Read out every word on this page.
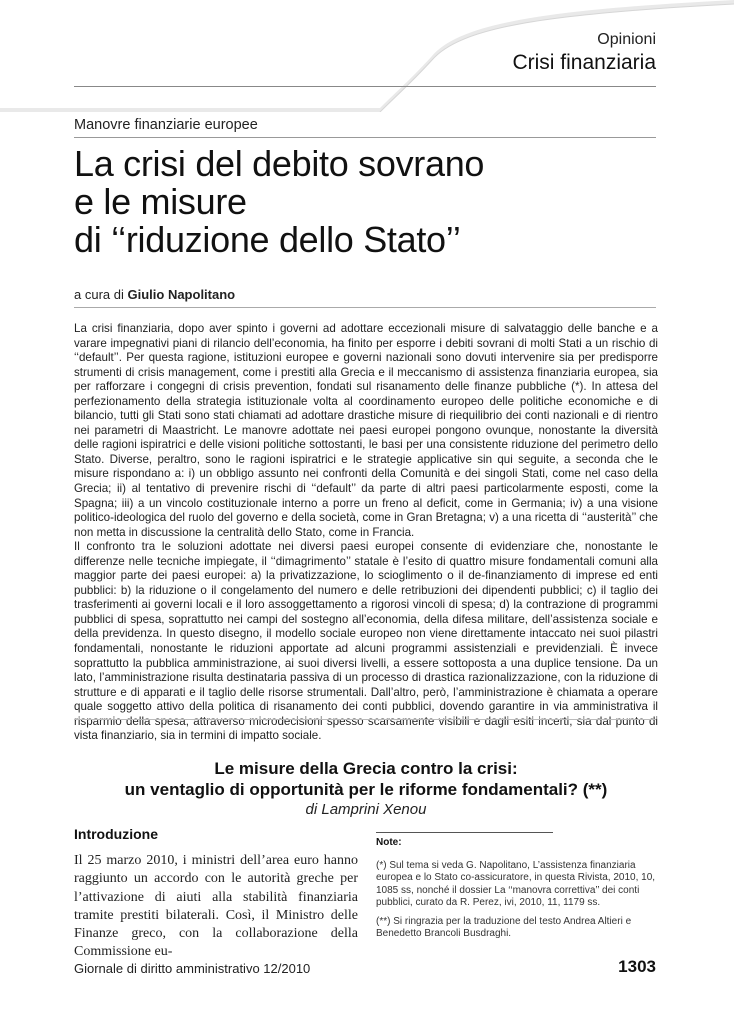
Opinioni
Crisi finanziaria
Manovre finanziarie europee
La crisi del debito sovrano
e le misure
di ‘‘riduzione dello Stato’’
a cura di Giulio Napolitano

La crisi finanziaria, dopo aver spinto i governi ad adottare eccezionali misure di salvataggio delle banche e a varare impegnativi piani di rilancio dell’economia, ha finito per esporre i debiti sovrani di molti Stati a un rischio di ‘‘default’’. Per questa ragione, istituzioni europee e governi nazionali sono dovuti intervenire sia per predisporre strumenti di crisis management, come i prestiti alla Grecia e il meccanismo di assistenza finanziaria europea, sia per rafforzare i congegni di crisis prevention, fondati sul risanamento delle finanze pubbliche (*). In attesa del perfezionamento della strategia istituzionale volta al coordinamento europeo delle politiche economiche e di bilancio, tutti gli Stati sono stati chiamati ad adottare drastiche misure di riequilibrio dei conti nazionali e di rientro nei parametri di Maastricht. Le manovre adottate nei paesi europei pongono ovunque, nonostante la diversità delle ragioni ispiratrici e delle visioni politiche sottostanti, le basi per una consistente riduzione del perimetro dello Stato. Diverse, peraltro, sono le ragioni ispiratrici e le strategie applicative sin qui seguite, a seconda che le misure rispondano a: i) un obbligo assunto nei confronti della Comunità e dei singoli Stati, come nel caso della Grecia; ii) al tentativo di prevenire rischi di ‘‘default’’ da parte di altri paesi particolarmente esposti, come la Spagna; iii) a un vincolo costituzionale interno a porre un freno al deficit, come in Germania; iv) a una visione politico-ideologica del ruolo del governo e della società, come in Gran Bretagna; v) a una ricetta di ‘‘austerità’’ che non metta in discussione la centralità dello Stato, come in Francia.

Il confronto tra le soluzioni adottate nei diversi paesi europei consente di evidenziare che, nonostante le differenze nelle tecniche impiegate, il ‘‘dimagrimento’’ statale è l’esito di quattro misure fondamentali comuni alla maggior parte dei paesi europei: a) la privatizzazione, lo scioglimento o il de-finanziamento di imprese ed enti pubblici: b) la riduzione o il congelamento del numero e delle retribuzioni dei dipendenti pubblici; c) il taglio dei trasferimenti ai governi locali e il loro assoggettamento a rigorosi vincoli di spesa; d) la contrazione di programmi pubblici di spesa, soprattutto nei campi del sostegno all’economia, della difesa militare, dell’assistenza sociale e della previdenza. In questo disegno, il modello sociale europeo non viene direttamente intaccato nei suoi pilastri fondamentali, nonostante le riduzioni apportate ad alcuni programmi assistenziali e previdenziali. È invece soprattutto la pubblica amministrazione, ai suoi diversi livelli, a essere sottoposta a una duplice tensione. Da un lato, l’amministrazione risulta destinataria passiva di un processo di drastica razionalizzazione, con la riduzione di strutture e di apparati e il taglio delle risorse strumentali. Dall’altro, però, l’amministrazione è chiamata a operare quale soggetto attivo della politica di risanamento dei conti pubblici, dovendo garantire in via amministrativa il risparmio della spesa, attraverso microdecisioni spesso scarsamente visibili e dagli esiti incerti, sia dal punto di vista finanziario, sia in termini di impatto sociale.

Le misure della Grecia contro la crisi:
un ventaglio di opportunità per le riforme fondamentali? (**)
di Lamprini Xenou
Introduzione
Il 25 marzo 2010, i ministri dell’area euro hanno raggiunto un accordo con le autorità greche per l’attivazione di aiuti alla stabilità finanziaria tramite prestiti bilaterali. Così, il Ministro delle Finanze greco, con la collaborazione della Commissione eu-
Note:

(*) Sul tema si veda G. Napolitano, L’assistenza finanziaria europea e lo Stato co-assicuratore, in questa Rivista, 2010, 10, 1085 ss, nonché il dossier La ‘‘manovra correttiva’’ dei conti pubblici, curato da R. Perez, ivi, 2010, 11, 1179 ss.

(**) Si ringrazia per la traduzione del testo Andrea Altieri e Benedetto Brancoli Busdraghi.

Giornale di diritto amministrativo 12/2010	1303
